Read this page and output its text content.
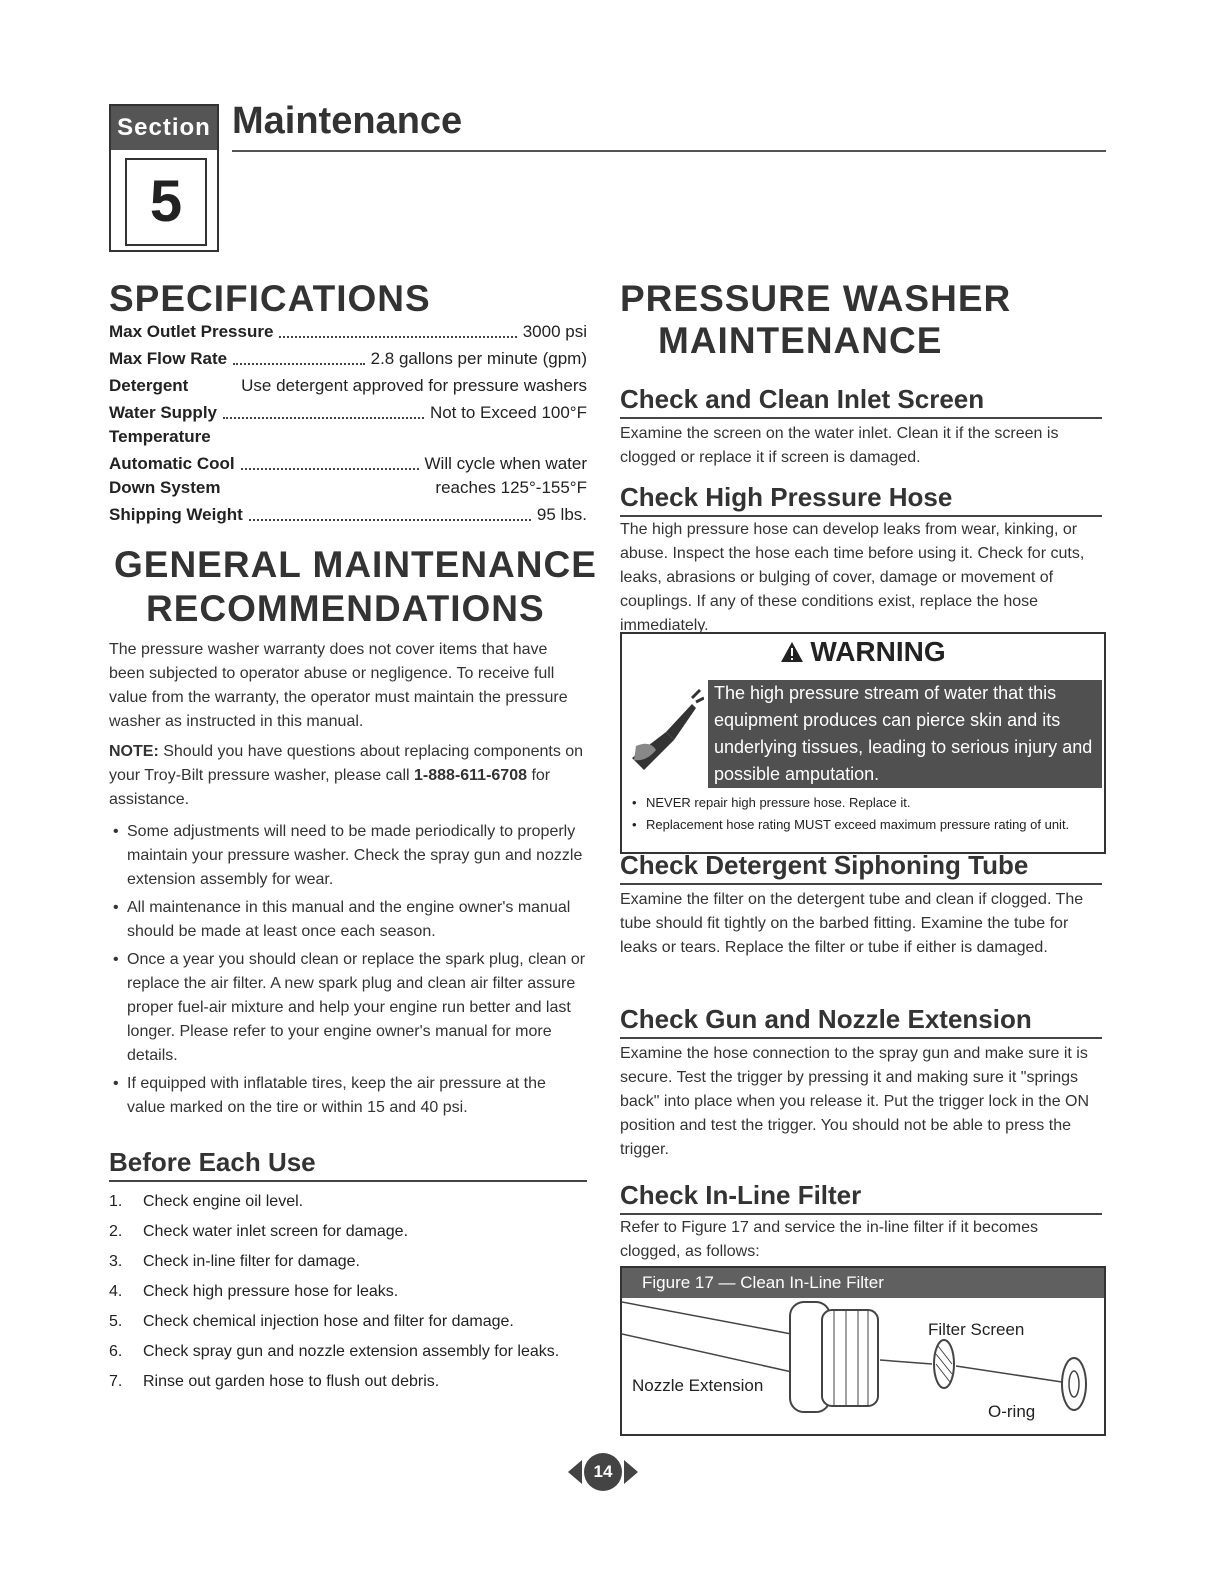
Section
5
Maintenance
SPECIFICATIONS
Max Outlet Pressure	3000 psi
Max Flow Rate	2.8 gallons per minute (gpm)
Detergent	Use detergent approved for pressure washers
Water Supply	Not to Exceed 100°F
Temperature
Automatic Cool	Will cycle when water
Down System	reaches 125°-155°F
Shipping Weight	95 lbs.
GENERAL MAINTENANCE
RECOMMENDATIONS
The pressure washer warranty does not cover items that have been subjected to operator abuse or negligence. To receive full value from the warranty, the operator must maintain the pressure washer as instructed in this manual.
NOTE: Should you have questions about replacing components on your Troy-Bilt pressure washer, please call 1-888-611-6708 for assistance.
• Some adjustments will need to be made periodically to properly maintain your pressure washer. Check the spray gun and nozzle extension assembly for wear.
• All maintenance in this manual and the engine owner's manual should be made at least once each season.
• Once a year you should clean or replace the spark plug, clean or replace the air filter. A new spark plug and clean air filter assure proper fuel-air mixture and help your engine run better and last longer. Please refer to your engine owner's manual for more details.
• If equipped with inflatable tires, keep the air pressure at the value marked on the tire or within 15 and 40 psi.
Before Each Use
1.	Check engine oil level.
2.	Check water inlet screen for damage.
3.	Check in-line filter for damage.
4.	Check high pressure hose for leaks.
5.	Check chemical injection hose and filter for damage.
6.	Check spray gun and nozzle extension assembly for leaks.
7.	Rinse out garden hose to flush out debris.
PRESSURE WASHER
MAINTENANCE
Check and Clean Inlet Screen
Examine the screen on the water inlet. Clean it if the screen is clogged or replace it if screen is damaged.
Check High Pressure Hose
The high pressure hose can develop leaks from wear, kinking, or abuse. Inspect the hose each time before using it. Check for cuts, leaks, abrasions or bulging of cover, damage or movement of couplings. If any of these conditions exist, replace the hose immediately.
WARNING
The high pressure stream of water that this equipment produces can pierce skin and its underlying tissues, leading to serious injury and possible amputation.
• NEVER repair high pressure hose. Replace it.
• Replacement hose rating MUST exceed maximum pressure rating of unit.
Check Detergent Siphoning Tube
Examine the filter on the detergent tube and clean if clogged. The tube should fit tightly on the barbed fitting. Examine the tube for leaks or tears. Replace the filter or tube if either is damaged.
Check Gun and Nozzle Extension
Examine the hose connection to the spray gun and make sure it is secure. Test the trigger by pressing it and making sure it "springs back" into place when you release it. Put the trigger lock in the ON position and test the trigger. You should not be able to press the trigger.
Check In-Line Filter
Refer to Figure 17 and service the in-line filter if it becomes clogged, as follows:
Figure 17 — Clean In-Line Filter
Filter Screen
Nozzle Extension
O-ring
14
